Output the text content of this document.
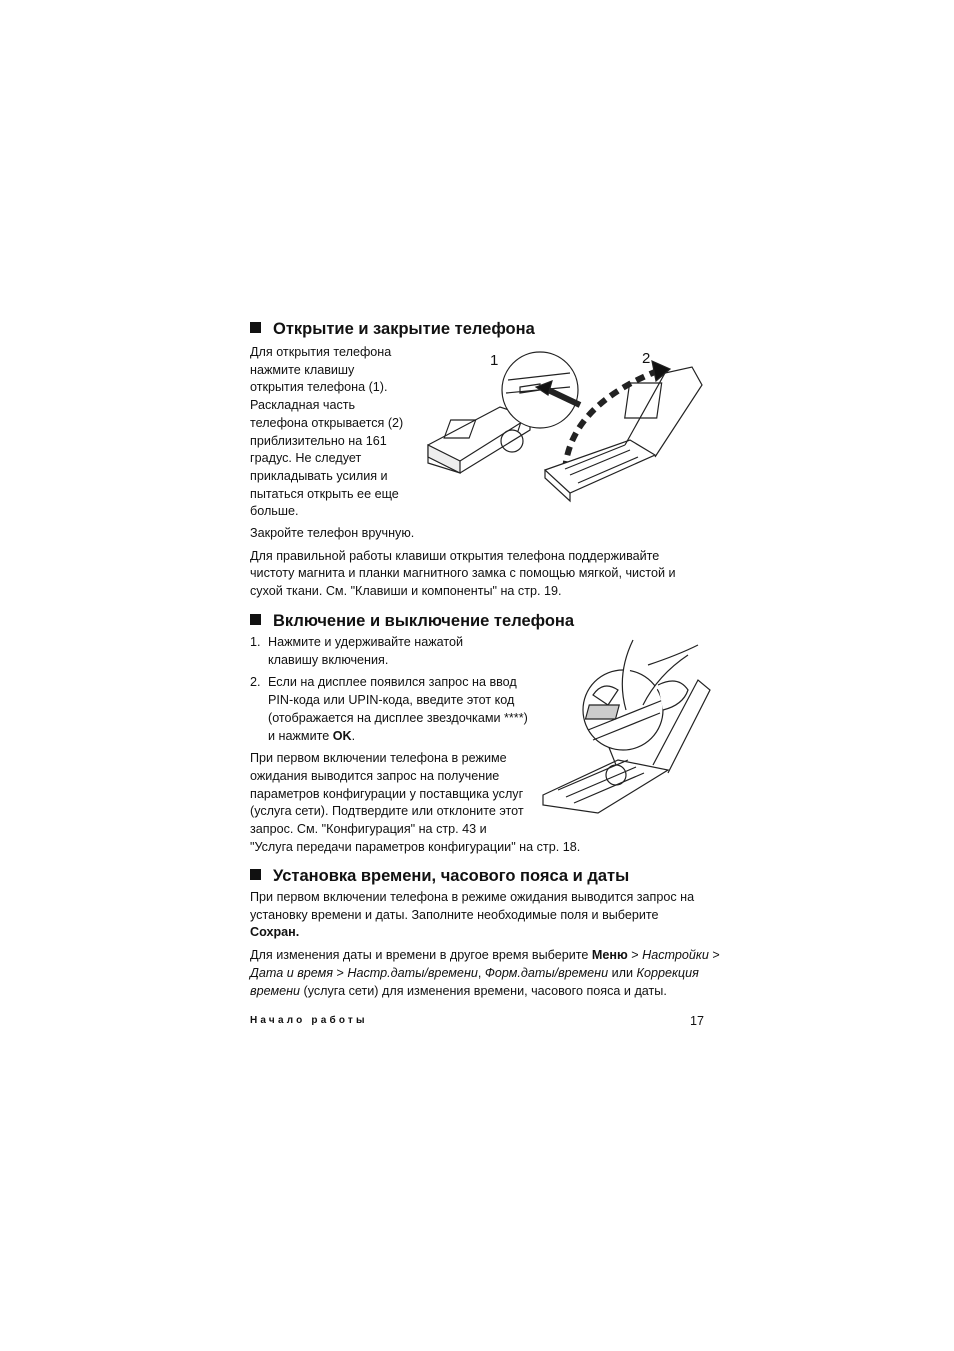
Открытие и закрытие телефона
Для открытия телефона
нажмите клавишу
открытия телефона (1).
Раскладная часть
телефона открывается (2)
приблизительно на 161
градус. Не следует
прикладывать усилия и
пытаться открыть ее еще
больше.
Закройте телефон вручную.
Для правильной работы клавиши открытия телефона поддерживайте
чистоту магнита и планки магнитного замка с помощью мягкой, чистой и
сухой ткани. См. "Клавиши и компоненты" на стр. 19.
1	2
Включение и выключение телефона
1. Нажмите и удерживайте нажатой
клавишу включения.
2. Если на дисплее появился запрос на ввод
PIN-кода или UPIN-кода, введите этот код
(отображается на дисплее звездочками ****)
и нажмите OK.
При первом включении телефона в режиме
ожидания выводится запрос на получение
параметров конфигурации у поставщика услуг
(услуга сети). Подтвердите или отклоните этот
запрос. См. "Конфигурация" на стр. 43 и
"Услуга передачи параметров конфигурации" на стр. 18.
Установка времени, часового пояса и даты
При первом включении телефона в режиме ожидания выводится запрос на
установку времени и даты. Заполните необходимые поля и выберите
Сохран.
Для изменения даты и времени в другое время выберите Меню > Настройки >
Дата и время > Настр.даты/времени, Форм.даты/времени или Коррекция
времени (услуга сети) для изменения времени, часового пояса и даты.
Начало работы	17
